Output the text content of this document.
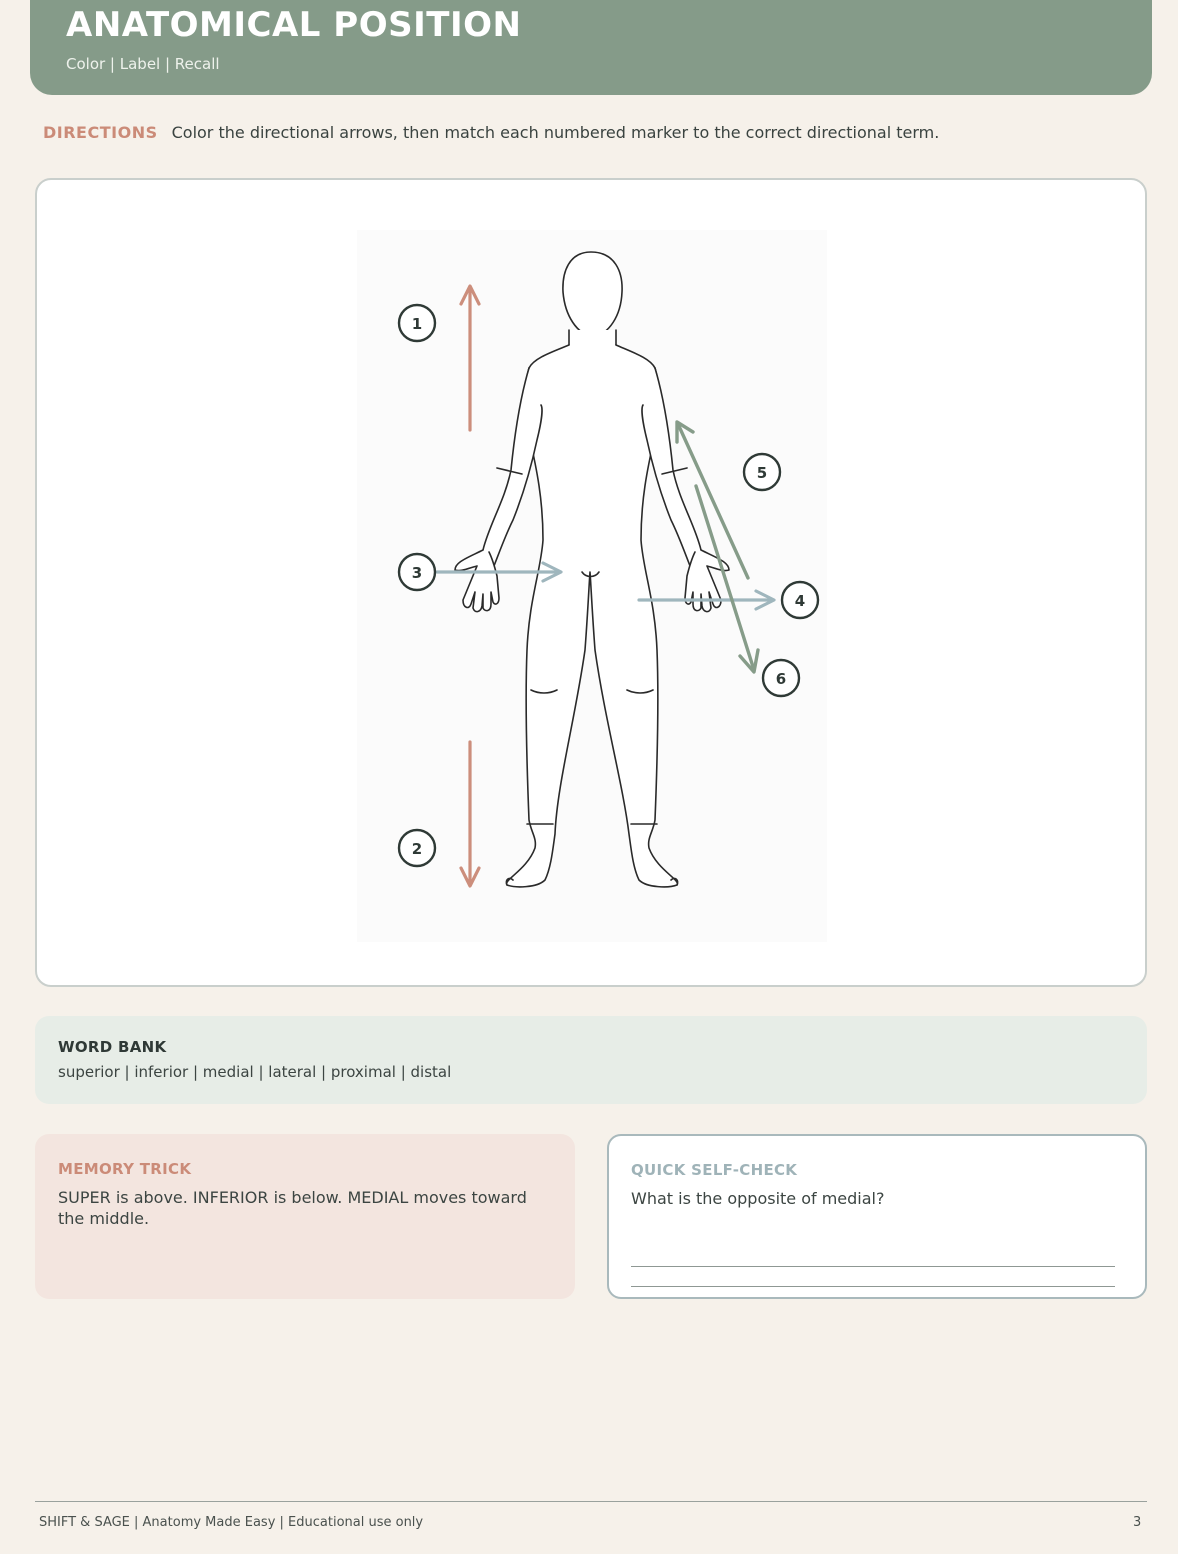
ANATOMICAL POSITION
Color | Label | Recall
DIRECTIONS Color the directional arrows, then match each numbered marker to the correct directional term.
1
2
3
4
5
6
WORD BANK
superior | inferior | medial | lateral | proximal | distal
MEMORY TRICK
SUPER is above. INFERIOR is below. MEDIAL moves toward the middle.
QUICK SELF-CHECK
What is the opposite of medial?
SHIFT & SAGE | Anatomy Made Easy | Educational use only	3
